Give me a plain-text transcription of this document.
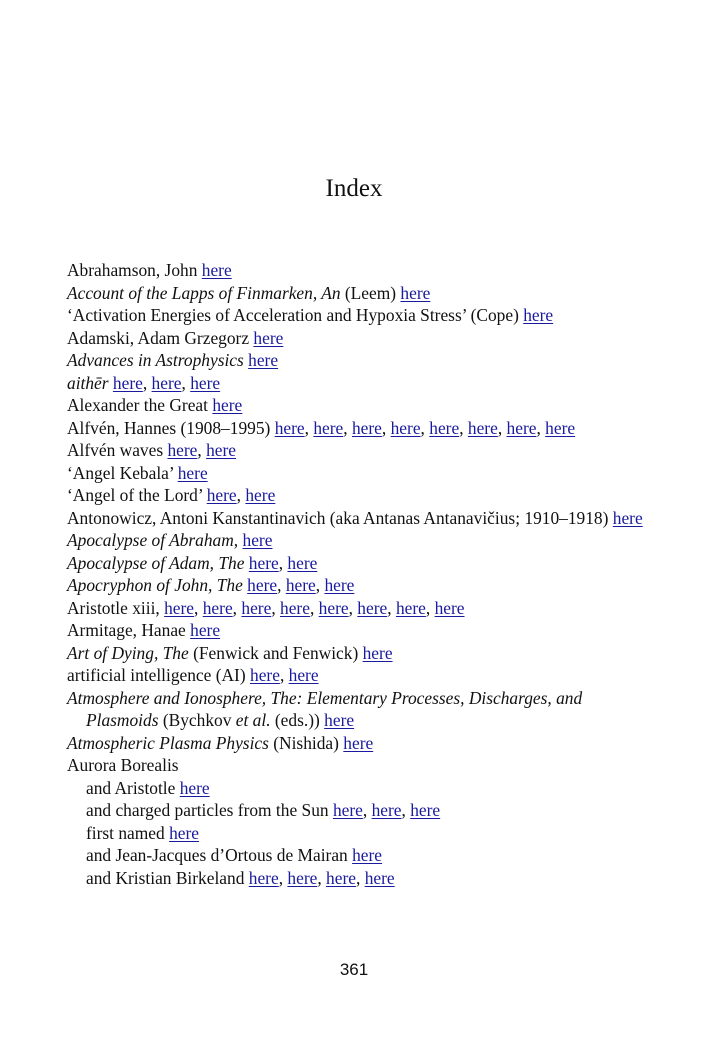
Index

Abrahamson, John here

Account of the Lapps of Finmarken, An (Leem) here

‘Activation Energies of Acceleration and Hypoxia Stress’ (Cope) here

Adamski, Adam Grzegorz here

Advances in Astrophysics here

aithēr here, here, here

Alexander the Great here

Alfvén, Hannes (1908–1995) here, here, here, here, here, here, here, here

Alfvén waves here, here

‘Angel Kebala’ here

‘Angel of the Lord’ here, here

Antonowicz, Antoni Kanstantinavich (aka Antanas Antanavičius; 1910–1918) here

Apocalypse of Abraham, here

Apocalypse of Adam, The here, here

Apocryphon of John, The here, here, here

Aristotle xiii, here, here, here, here, here, here, here, here

Armitage, Hanae here

Art of Dying, The (Fenwick and Fenwick) here

artificial intelligence (AI) here, here

Atmosphere and Ionosphere, The: Elementary Processes, Discharges, and Plasmoids (Bychkov et al. (eds.)) here

Atmospheric Plasma Physics (Nishida) here

Aurora Borealis

and Aristotle here

and charged particles from the Sun here, here, here

first named here

and Jean-Jacques d’Ortous de Mairan here

and Kristian Birkeland here, here, here, here

361
